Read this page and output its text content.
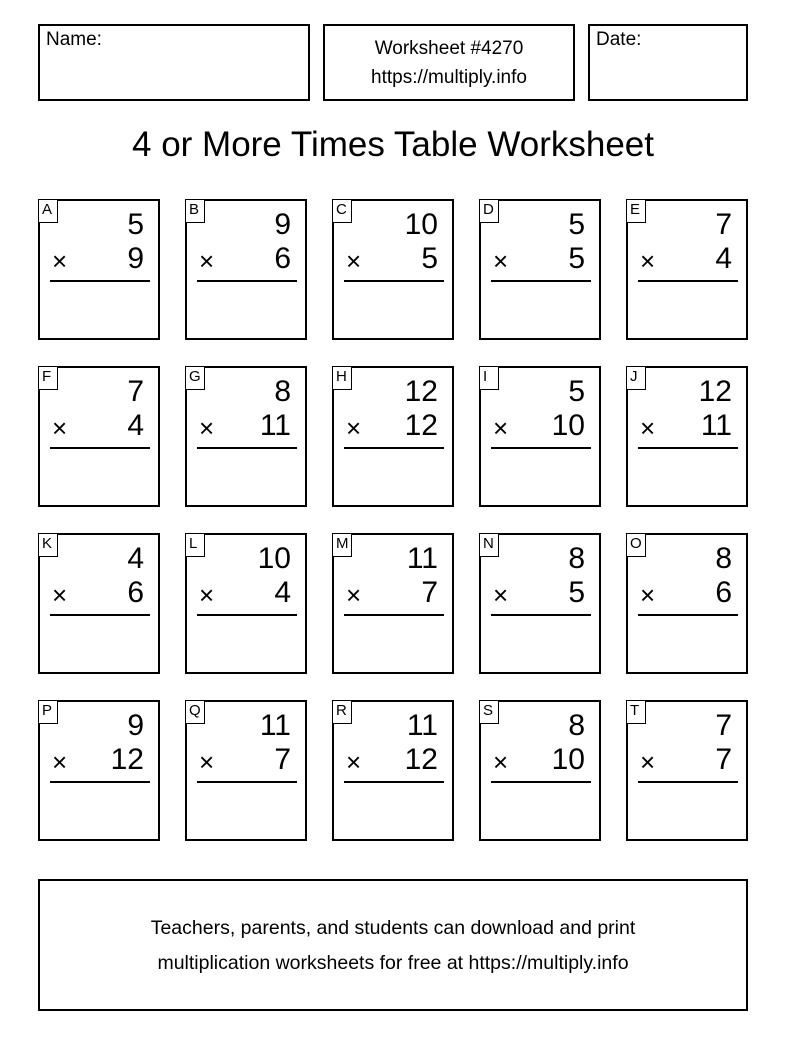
Name:	Worksheet #4270
https://multiply.info
Date:
4 or More Times Table Worksheet
A	5
× 9
B	9
× 6
C 10
× 5
D 5
× 5
E	7
× 4
F	7
× 4
G 8
× 11
H 12
× 12
I	5
× 10
J 12
× 11
K	4
× 6
L 10
× 4
M 11
× 7
N 8
× 5
O 8
× 6
P	9
× 12
Q 11
× 7
R 11
× 12
S	8
× 10
T	7
× 7
Teachers, parents, and students can download and print
multiplication worksheets for free at https://multiply.info
